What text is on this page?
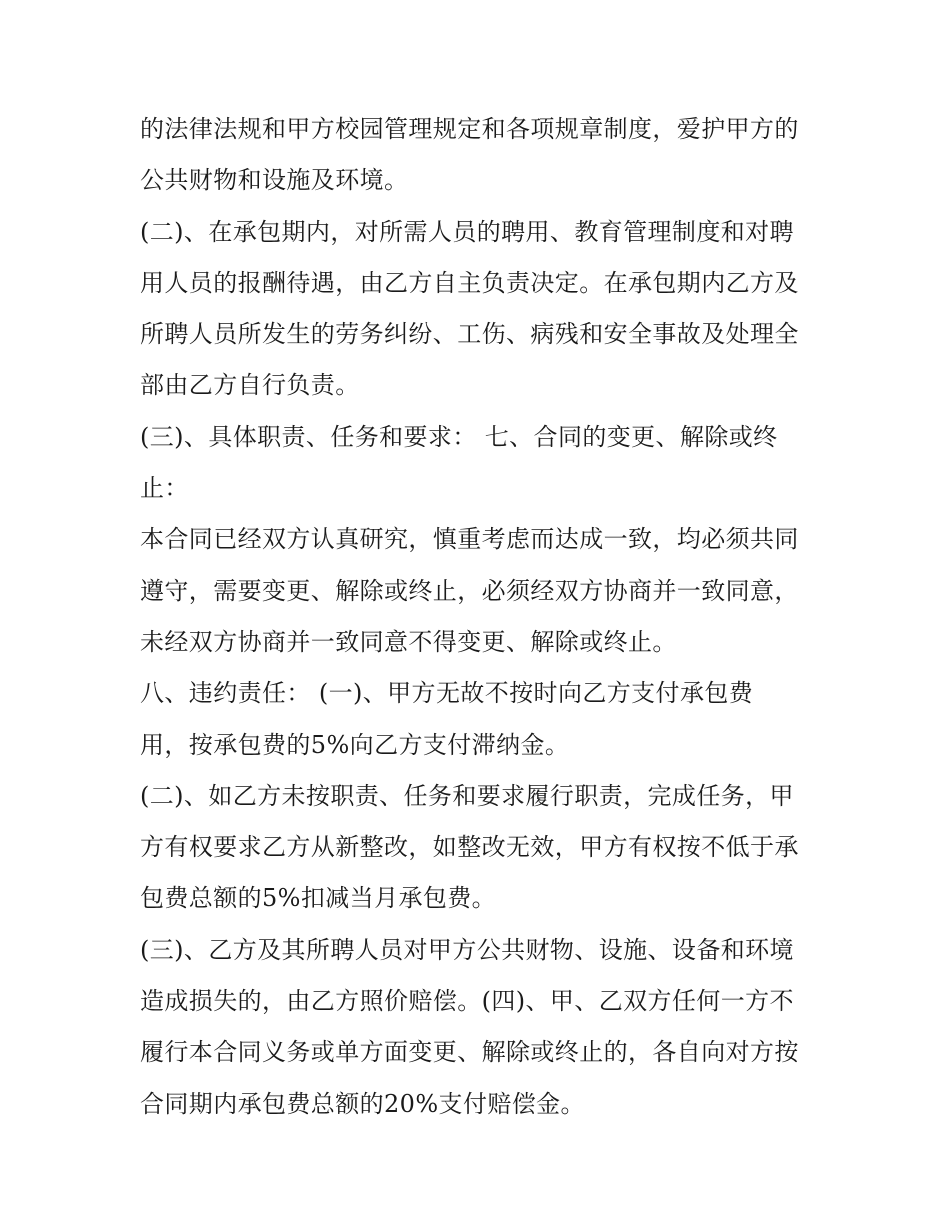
的法律法规和甲方校园管理规定和各项规章制度，爱护甲方的
公共财物和设施及环境。
(二)、在承包期内，对所需人员的聘用、教育管理制度和对聘
用人员的报酬待遇，由乙方自主负责决定。在承包期内乙方及
所聘人员所发生的劳务纠纷、工伤、病残和安全事故及处理全
部由乙方自行负责。
(三)、具体职责、任务和要求： 七、合同的变更、解除或终
止：
本合同已经双方认真研究，慎重考虑而达成一致，均必须共同
遵守，需要变更、解除或终止，必须经双方协商并一致同意，
未经双方协商并一致同意不得变更、解除或终止。
八、违约责任： (一)、甲方无故不按时向乙方支付承包费
用，按承包费的5%向乙方支付滞纳金。
(二)、如乙方未按职责、任务和要求履行职责，完成任务，甲
方有权要求乙方从新整改，如整改无效，甲方有权按不低于承
包费总额的5%扣减当月承包费。
(三)、乙方及其所聘人员对甲方公共财物、设施、设备和环境
造成损失的，由乙方照价赔偿。(四)、甲、乙双方任何一方不
履行本合同义务或单方面变更、解除或终止的，各自向对方按
合同期内承包费总额的20%支付赔偿金。
